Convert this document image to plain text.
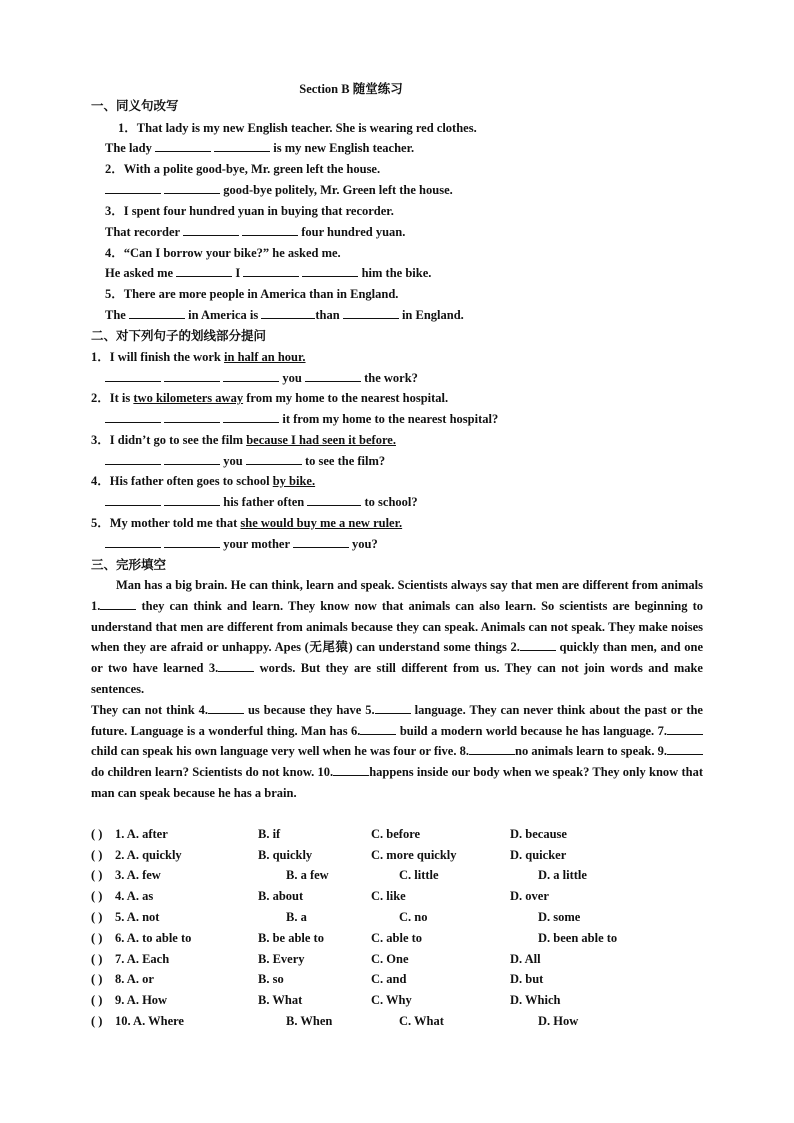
Section B 随堂练习
一、同义句改写
1．That lady is my new English teacher. She is wearing red clothes.
The lady	is my new English teacher.
2．With a polite good-bye, Mr. green left the house.
good-bye politely, Mr. Green left the house.
3．I spent four hundred yuan in buying that recorder.
That recorder	four hundred yuan.
4．“Can I borrow your bike?” he asked me.
He asked me	I	him the bike.
5．There are more people in America than in England.
The	in America is	than	in England.
二、对下列句子的划线部分提问
1．I will finish the work in half an hour.
you	the work?
2．It is two kilometers away from my home to the nearest hospital.
it from my home to the nearest hospital?
3．I didn’t go to see the film because I had seen it before.
you	to see the film?
4．His father often goes to school by bike.
his father often	to school?
5．My mother told me that she would buy me a new ruler.
your mother	you?
三、完形填空

Man has a big brain. He can think, learn and speak. Scientists always say that men are different from animals 1.	they can think and learn. They know now that animals can also learn. So scientists are beginning to understand that men are different from animals because they can speak. Animals can not speak. They make noises when they are afraid or unhappy. Apes (无尾猿) can understand some things 2.	quickly than men, and one or two have learned 3.	words. But they are still different from us. They can not join words and make sentences.

They can not think 4.	us because they have 5.	language. They can never think about the past or the future. Language is a wonderful thing. Man has 6.	build a modern world because he has language. 7.child can speak his own language very well when he was four or five. 8.	no animals learn to speak. 9. do children learn? Scientists do not know. 10.	happens inside our body when we speak? They only know that man can speak because he has a brain.

( ) 1. A. after	B. if	C. before	D. because
( ) 2. A. quickly	B. quickly	C. more quickly	D. quicker
( ) 3. A. few	B. a few	C. little	D. a little
( ) 4. A. as	B. about	C. like	D. over
( ) 5. A. not	B. a	C. no	D. some
( ) 6. A. to able to	B. be able to	C. able to	D. been able to
( ) 7. A. Each	B. Every	C. One	D. All
( ) 8. A. or	B. so	C. and	D. but
( ) 9. A. How	B. What	C. Why	D. Which
( ) 10. A. Where	B. When	C. What	D. How
